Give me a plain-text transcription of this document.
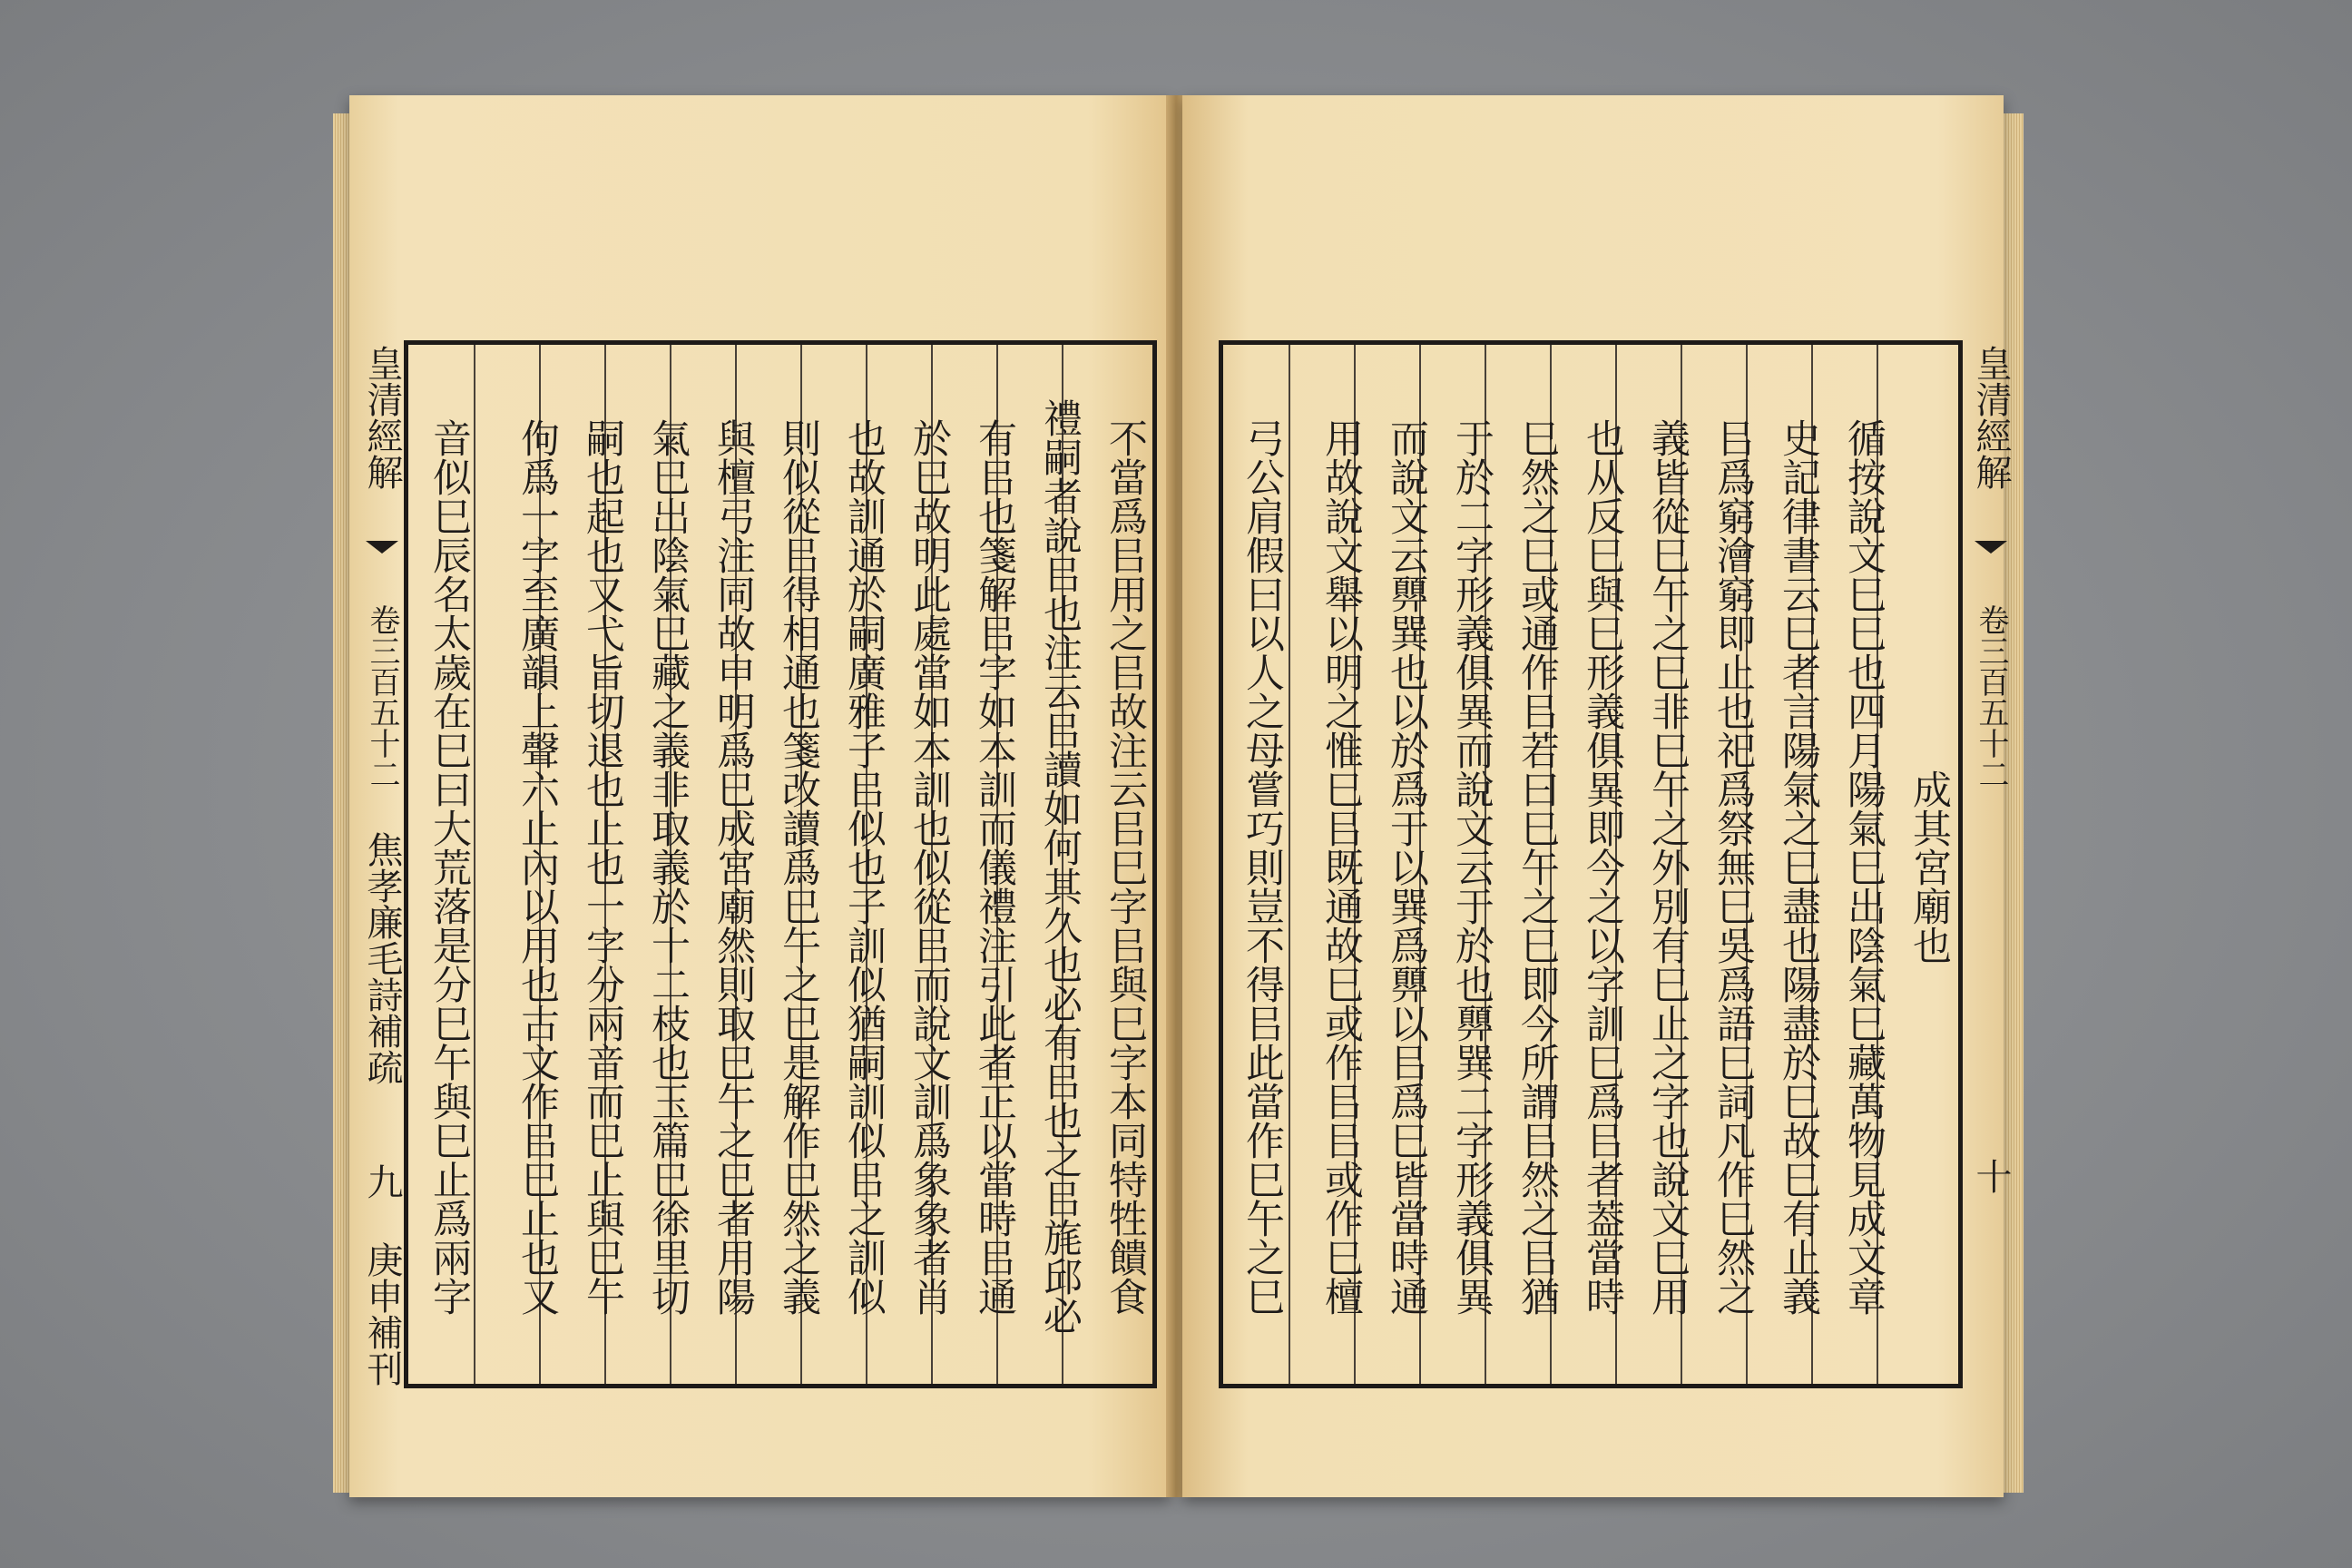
皇清經解  卷三百五十二 焦孝廉毛詩補疏 九 庚申補刊	不當爲㠯用之㠯故注云㠯巳字㠯與巳字本同特牲饋食
禮嗣者說㠯也注云㠯讀如何其久也必有㠯也之㠯旄邱必
有㠯也箋解㠯字如本訓而儀禮注引此者正以當時㠯通
於巳故明此處當如本訓也似從㠯而說文訓爲象象者肖
也故訓通於嗣廣雅子㠯似也子訓似猶嗣訓似㠯之訓似
則似從㠯得相通也箋改讀爲巳午之巳是解作巳然之義
與檀弓注同故申明爲巳成宮廟然則取巳午之巳者用陽
氣巳出陰氣巳藏之義非取義於十二枝也玉篇巳徐里切
嗣也起也又弋旨切退也止也一字分兩音而巳止與巳午
佝爲一字至廣韻上聲六止內以用也古文作㠯巳止也又
音似巳辰名太歲在巳曰大荒落是分巳午與巳止爲兩字	成其宮廟也
循按說文巳巳也四月陽氣巳出陰氣巳藏萬物見成文章
史記律書云巳者言陽氣之巳盡也陽盡於巳故巳有止義
㠯爲窮澮窮即止也祀爲祭無巳吳爲語巳詞凡作巳然之
義皆從巳午之巳非巳午之外別有巳止之字也說文巳用
也从反巳與巳形義俱異即今之以字訓巳爲㠯者葢當時
巳然之巳或通作㠯若曰巳午之巳即今所謂㠯然之㠯猶
于於二字形義俱異而說文云于於也顨巽二字形義俱異
而說文云顨巽也以於爲于以巽爲顨以㠯爲巳皆當時通
用故說文舉以明之惟巳㠯既通故巳或作㠯㠯或作巳檀
弓公肩假曰以人之母嘗巧則豈不得㠯此當作巳午之巳
皇清經解  卷三百五十二 十
